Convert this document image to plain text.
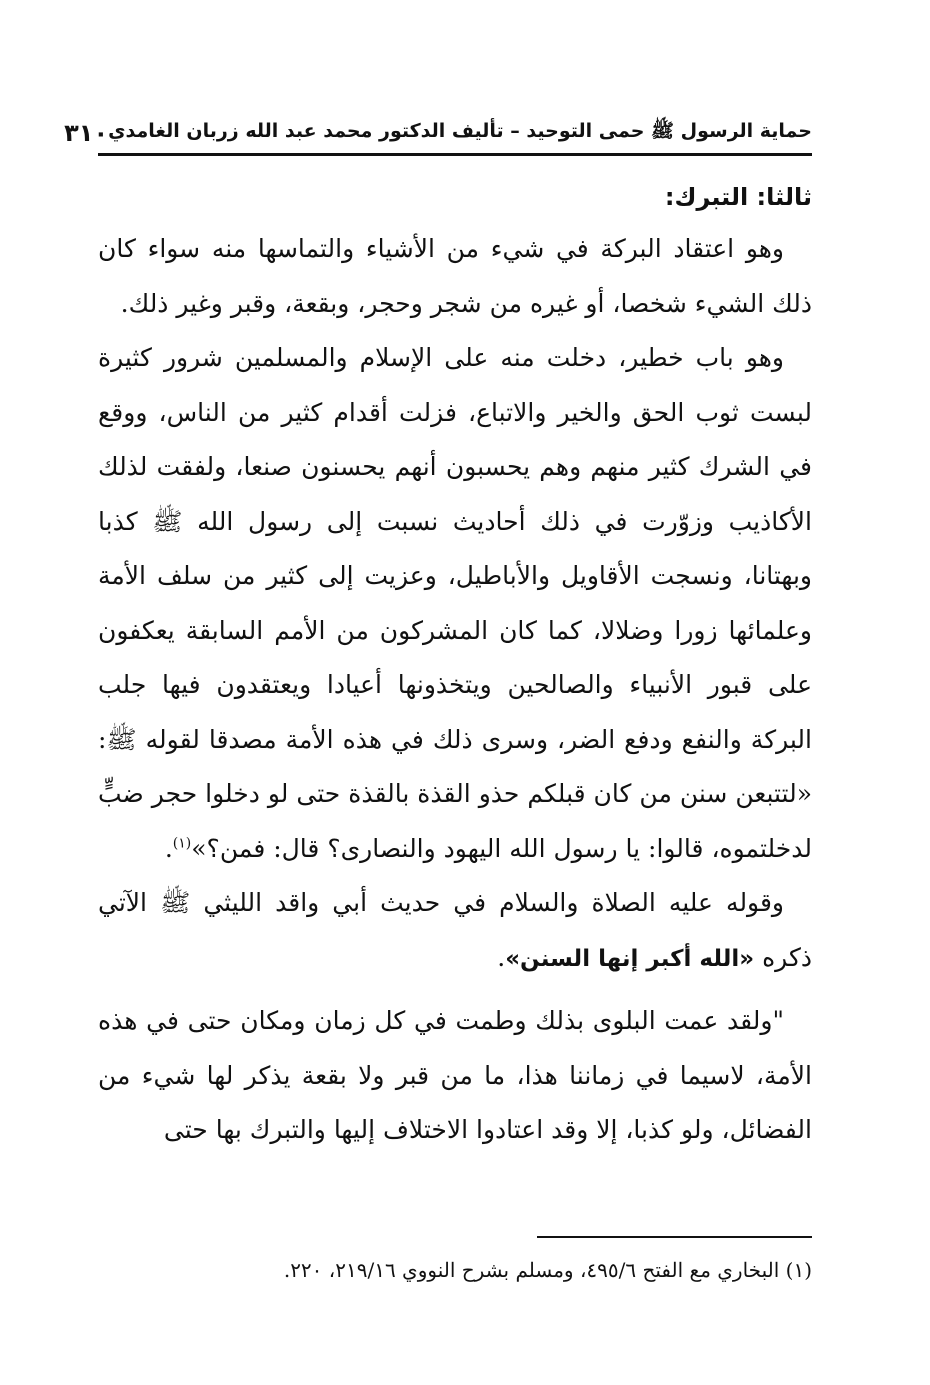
حماية الرسول ﷺ حمى التوحيد – تأليف الدكتور محمد عبد الله زربان الغامدي
٣١٠
ثالثا: التبرك:

وهو اعتقاد البركة في شيء من الأشياء والتماسها منه سواء كان ذلك الشيء شخصا، أو غيره من شجر وحجر، وبقعة، وقبر وغير ذلك.

وهو باب خطير، دخلت منه على الإسلام والمسلمين شرور كثيرة لبست ثوب الحق والخير والاتباع، فزلت أقدام كثير من الناس، ووقع في الشرك كثير منهم وهم يحسبون أنهم يحسنون صنعا، ولفقت لذلك الأكاذيب وزوّرت في ذلك أحاديث نسبت إلى رسول الله ﷺ كذبا وبهتانا، ونسجت الأقاويل والأباطيل، وعزيت إلى كثير من سلف الأمة وعلمائها زورا وضلالا، كما كان المشركون من الأمم السابقة يعكفون على قبور الأنبياء والصالحين ويتخذونها أعيادا ويعتقدون فيها جلب البركة والنفع ودفع الضر، وسرى ذلك في هذه الأمة مصدقا لقوله ﷺ: «لتتبعن سنن من كان قبلكم حذو القذة بالقذة حتى لو دخلوا حجر ضبٍّ لدخلتموه، قالوا: يا رسول الله اليهود والنصارى؟ قال: فمن؟»$^{(١)}$.

وقوله عليه الصلاة والسلام في حديث أبي واقد الليثي ﷺ الآتي ذكره «الله أكبر إنها السنن».

"ولقد عمت البلوى بذلك وطمت في كل زمان ومكان حتى في هذه الأمة، لاسيما في زماننا هذا، ما من قبر ولا بقعة يذكر لها شيء من الفضائل، ولو كذبا، إلا وقد اعتادوا الاختلاف إليها والتبرك بها حتى

(١) البخاري مع الفتح ٤٩٥/٦، ومسلم بشرح النووي ٢١٩/١٦، ٢٢٠.
